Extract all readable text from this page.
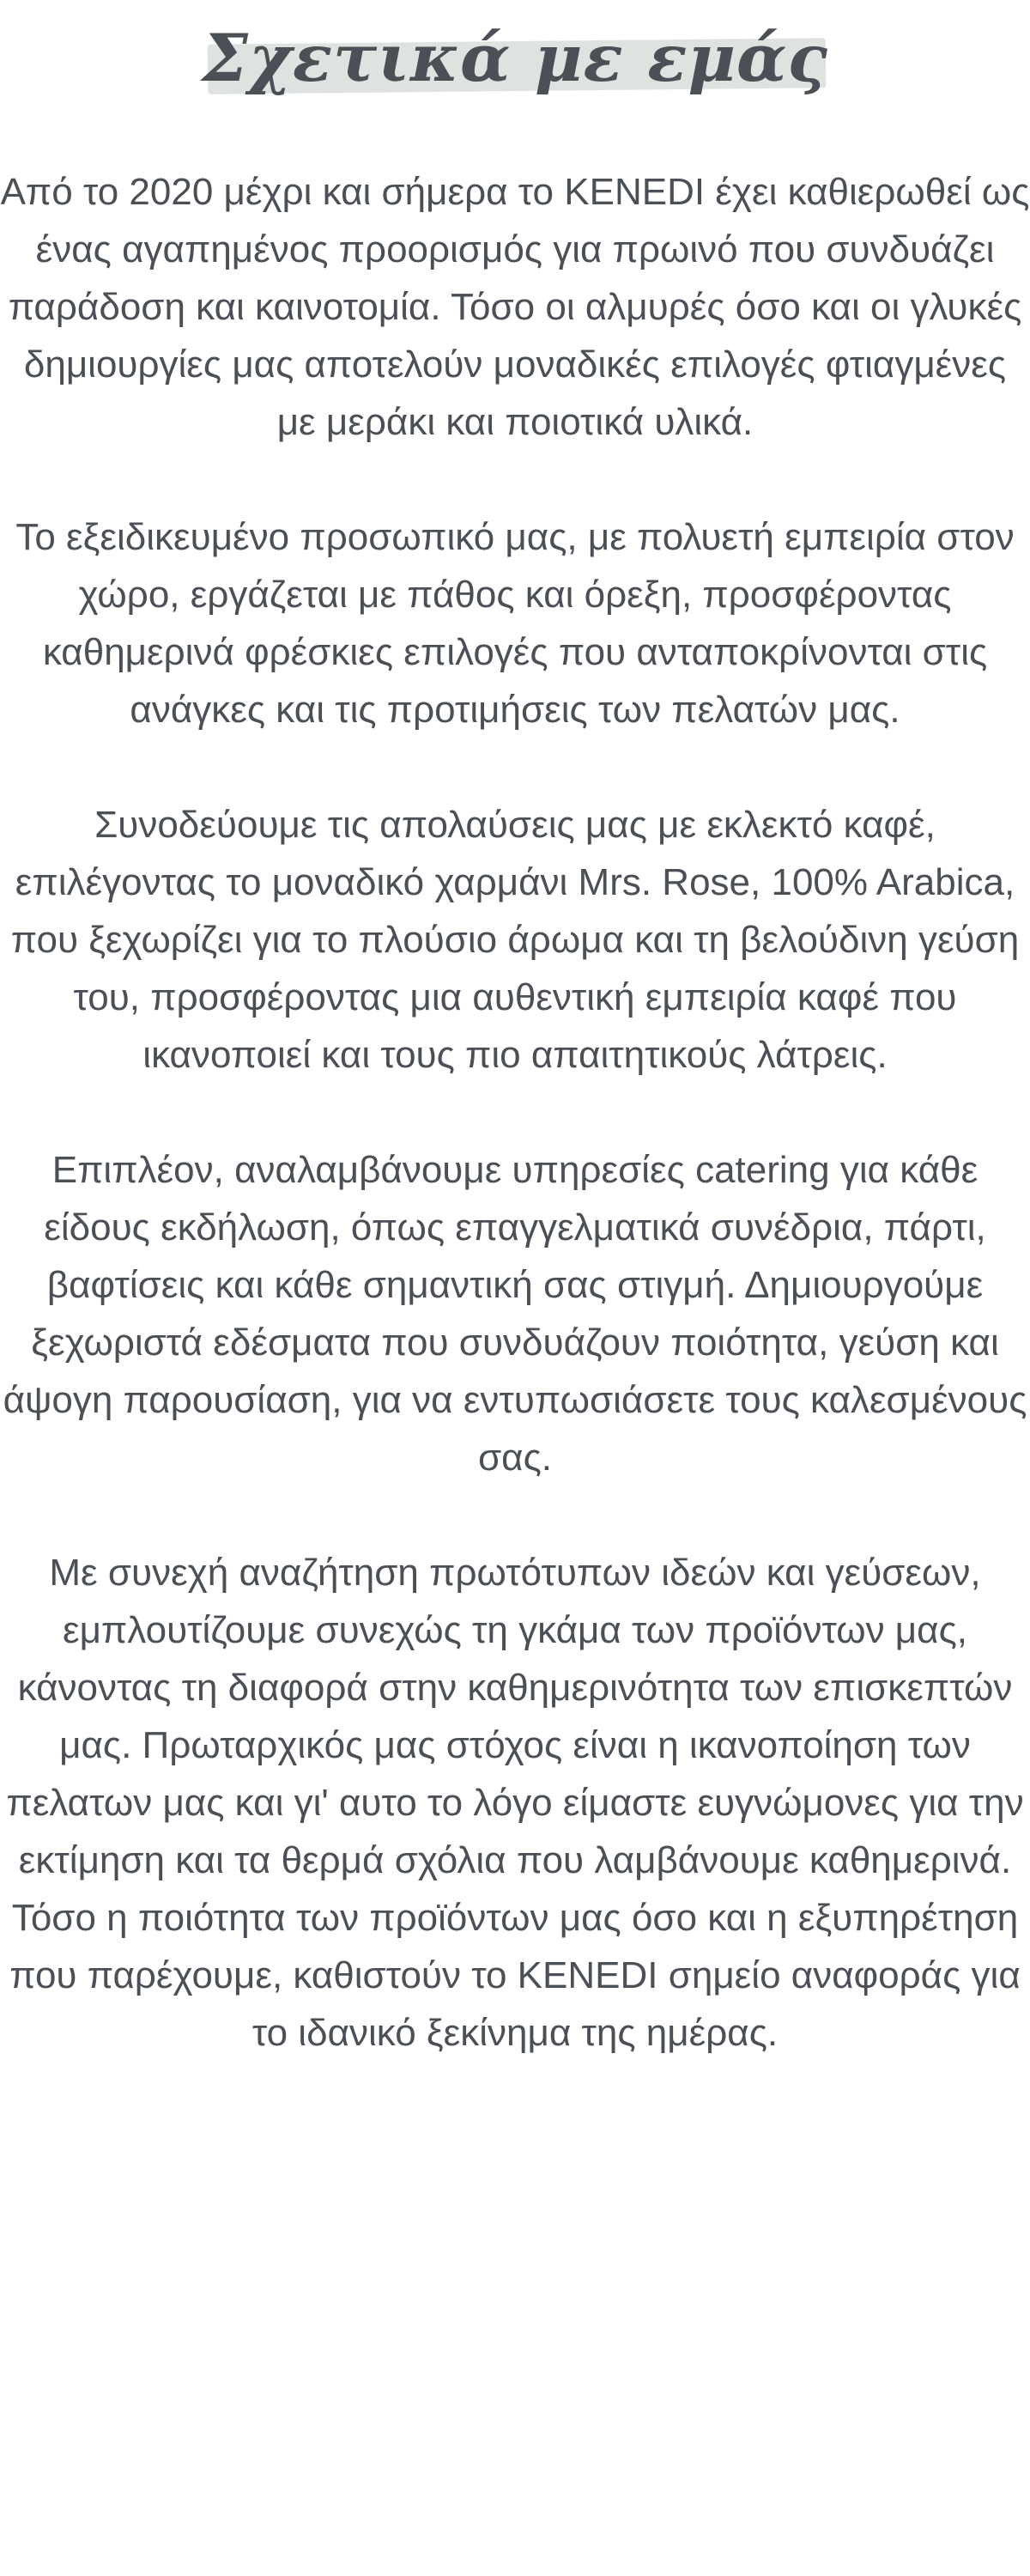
Σχετικά με εμάς

Από το 2020 μέχρι και σήμερα το KENEDI έχει καθιερωθεί ως ένας αγαπημένος προορισμός για πρωινό που συνδυάζει παράδοση και καινοτομία. Τόσο οι αλμυρές όσο και οι γλυκές δημιουργίες μας αποτελούν μοναδικές επιλογές φτιαγμένες με μεράκι και ποιοτικά υλικά.

Το εξειδικευμένο προσωπικό μας, με πολυετή εμπειρία στον χώρο, εργάζεται με πάθος και όρεξη, προσφέροντας καθημερινά φρέσκιες επιλογές που ανταποκρίνονται στις ανάγκες και τις προτιμήσεις των πελατών μας.

Συνοδεύουμε τις απολαύσεις μας με εκλεκτό καφέ, επιλέγοντας το μοναδικό χαρμάνι Mrs. Rose, 100% Arabica, που ξεχωρίζει για το πλούσιο άρωμα και τη βελούδινη γεύση του, προσφέροντας μια αυθεντική εμπειρία καφέ που ικανοποιεί και τους πιο απαιτητικούς λάτρεις.

Επιπλέον, αναλαμβάνουμε υπηρεσίες catering για κάθε είδους εκδήλωση, όπως επαγγελματικά συνέδρια, πάρτι, βαφτίσεις και κάθε σημαντική σας στιγμή. Δημιουργούμε ξεχωριστά εδέσματα που συνδυάζουν ποιότητα, γεύση και άψογη παρουσίαση, για να εντυπωσιάσετε τους καλεσμένους σας.

Με συνεχή αναζήτηση πρωτότυπων ιδεών και γεύσεων, εμπλουτίζουμε συνεχώς τη γκάμα των προϊόντων μας, κάνοντας τη διαφορά στην καθημερινότητα των επισκεπτών μας. Πρωταρχικός μας στόχος είναι η ικανοποίηση των πελατων μας και γι' αυτο το λόγο είμαστε ευγνώμονες για την εκτίμηση και τα θερμά σχόλια που λαμβάνουμε καθημερινά.

Τόσο η ποιότητα των προϊόντων μας όσο και η εξυπηρέτηση που παρέχουμε, καθιστούν το KENEDI σημείο αναφοράς για το ιδανικό ξεκίνημα της ημέρας.
